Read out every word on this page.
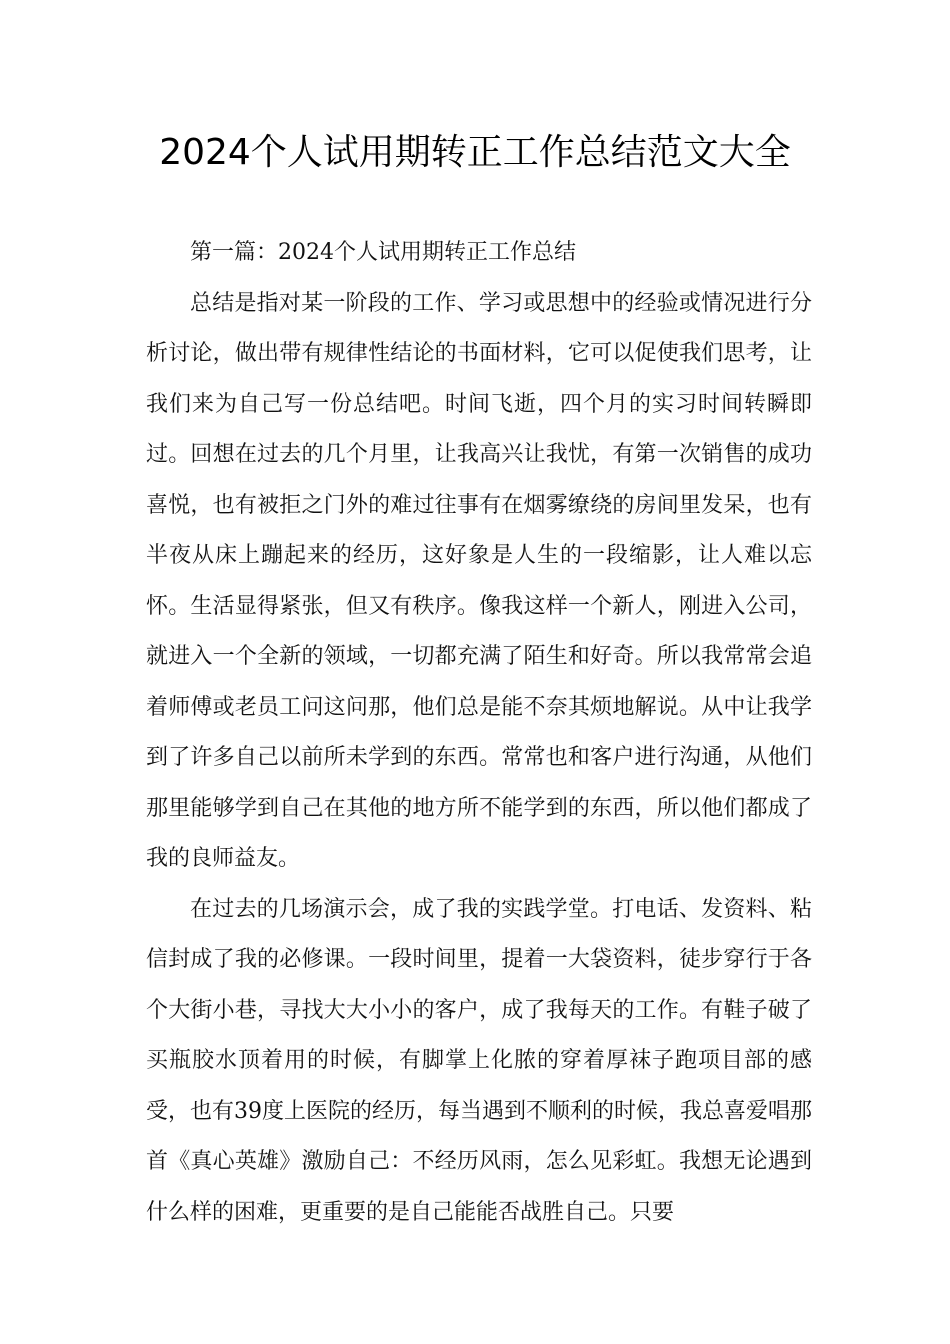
2024个人试用期转正工作总结范文大全

第一篇：2024个人试用期转正工作总结

总结是指对某一阶段的工作、学习或思想中的经验或情况进行分析讨论，做出带有规律性结论的书面材料，它可以促使我们思考，让我们来为自己写一份总结吧。时间飞逝，四个月的实习时间转瞬即过。回想在过去的几个月里，让我高兴让我忧，有第一次销售的成功喜悦，也有被拒之门外的难过往事有在烟雾缭绕的房间里发呆，也有半夜从床上蹦起来的经历，这好象是人生的一段缩影，让人难以忘怀。生活显得紧张，但又有秩序。像我这样一个新人，刚进入公司，就进入一个全新的领域，一切都充满了陌生和好奇。所以我常常会追着师傅或老员工问这问那，他们总是能不奈其烦地解说。从中让我学到了许多自己以前所未学到的东西。常常也和客户进行沟通，从他们那里能够学到自己在其他的地方所不能学到的东西，所以他们都成了我的良师益友。

在过去的几场演示会，成了我的实践学堂。打电话、发资料、粘信封成了我的必修课。一段时间里，提着一大袋资料，徒步穿行于各个大街小巷，寻找大大小小的客户，成了我每天的工作。有鞋子破了买瓶胶水顶着用的时候，有脚掌上化脓的穿着厚袜子跑项目部的感受，也有39度上医院的经历，每当遇到不顺利的时候，我总喜爱唱那首《真心英雄》激励自己：不经历风雨，怎么见彩虹。我想无论遇到什么样的困难，更重要的是自己能能否战胜自己。只要
